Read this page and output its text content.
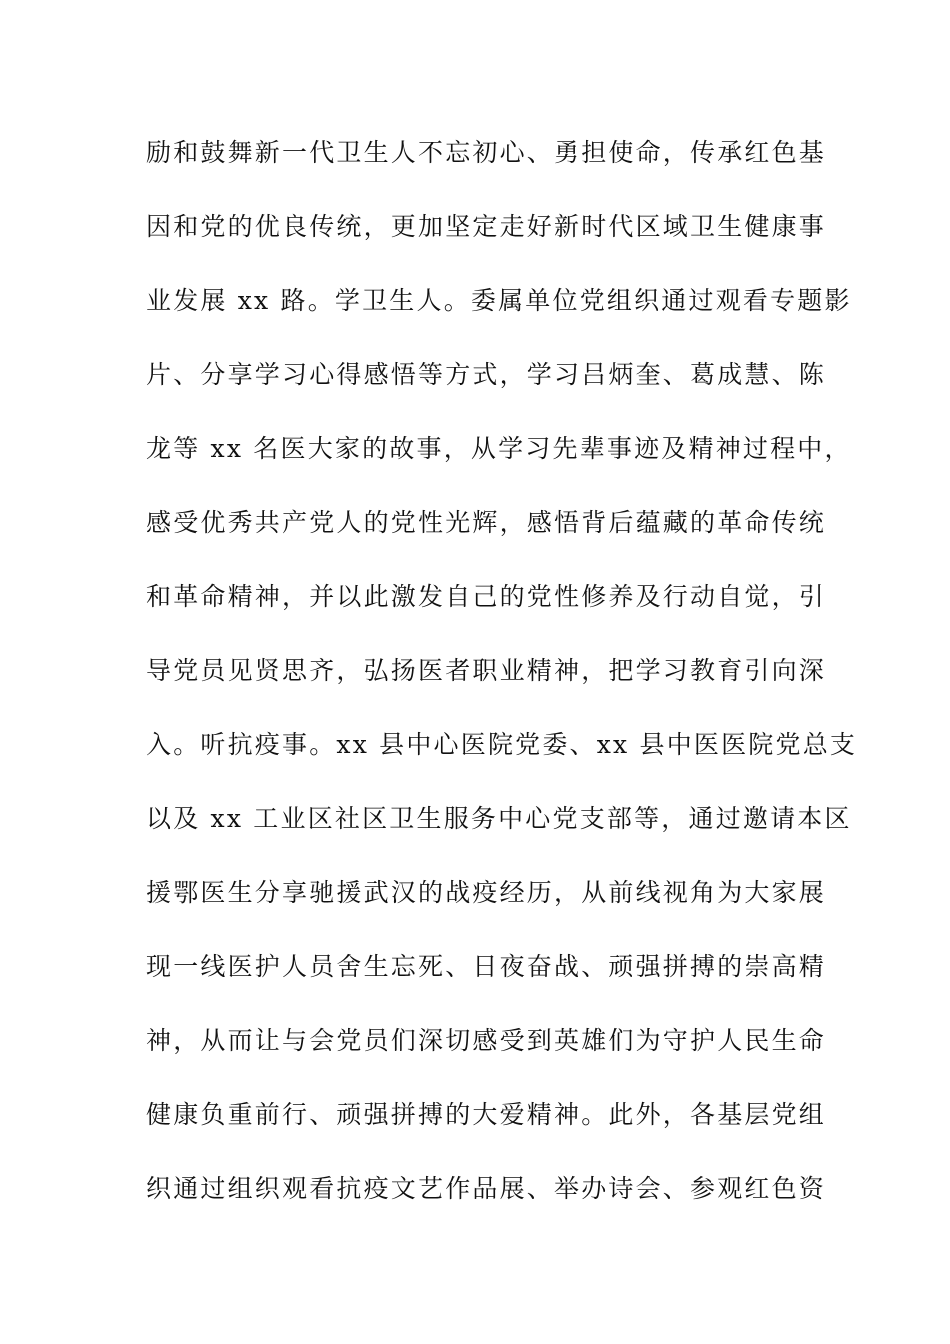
励和鼓舞新一代卫生人不忘初心、勇担使命，传承红色基
因和党的优良传统，更加坚定走好新时代区域卫生健康事
业发展 xx 路。学卫生人。委属单位党组织通过观看专题影
片、分享学习心得感悟等方式，学习吕炳奎、葛成慧、陈
龙等 xx 名医大家的故事，从学习先辈事迹及精神过程中，
感受优秀共产党人的党性光辉，感悟背后蕴藏的革命传统
和革命精神，并以此激发自己的党性修养及行动自觉，引
导党员见贤思齐，弘扬医者职业精神，把学习教育引向深
入。听抗疫事。xx 县中心医院党委、xx 县中医医院党总支
以及 xx 工业区社区卫生服务中心党支部等，通过邀请本区
援鄂医生分享驰援武汉的战疫经历，从前线视角为大家展
现一线医护人员舍生忘死、日夜奋战、顽强拼搏的崇高精
神，从而让与会党员们深切感受到英雄们为守护人民生命
健康负重前行、顽强拼搏的大爱精神。此外，各基层党组
织通过组织观看抗疫文艺作品展、举办诗会、参观红色资
